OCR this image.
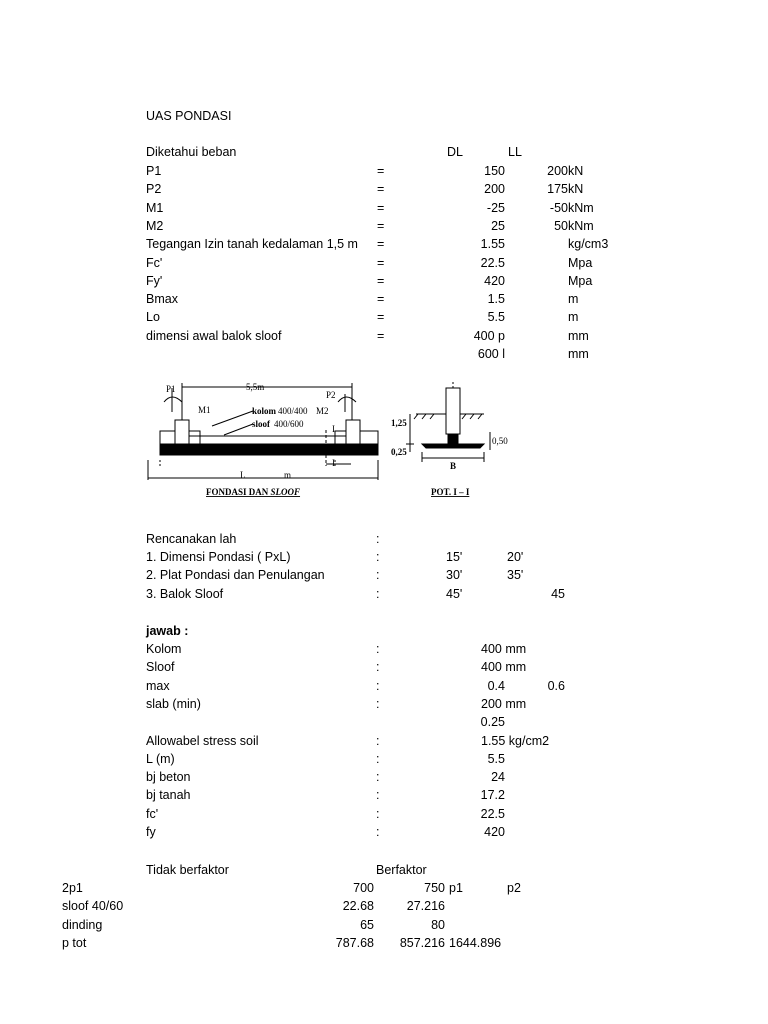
UAS PONDASI
Diketahui beban	DL	LL
P1	=	150	200 kN
P2	=	200	175 kN
M1	=	-25	-50 kNm
M2	=	25	50 kNm
Tegangan Izin tanah kedalaman 1,5 m =	1.55	kg/cm3
Fc'	=	22.5	Mpa
Fy'	=	420	Mpa
Bmax	=	1.5	m
Lo	=	5.5	m
dimensi awal balok sloof	=	400 p	mm
600 l	mm
P1
P2
M1	M2
5,5m
kolom 400/400
sloof 400/600	I
I
L	m
FONDASI DAN SLOOF
1,25
0,25
0,50
B
POT. I – I
Rencanakan lah	:
1. Dimensi Pondasi ( PxL)	:	15'	20'
2. Plat Pondasi dan Penulangan	:	30'	35'
3. Balok Sloof	:	45'	45
jawab :
Kolom	:	400 mm
Sloof	:	400 mm
max	:	0.4	0.6
slab (min)	:	200 mm
0.25
Allowabel stress soil	:	1.55 kg/cm2
L (m)	:	5.5
bj beton	:	24
bj tanah	:	17.2
fc'	:	22.5
fy	:	420
Tidak berfaktor	Berfaktor
2p1	700	750 p1	p2
sloof 40/60	22.68	27.216
dinding	65	80
p tot	787.68	857.216 1644.896
